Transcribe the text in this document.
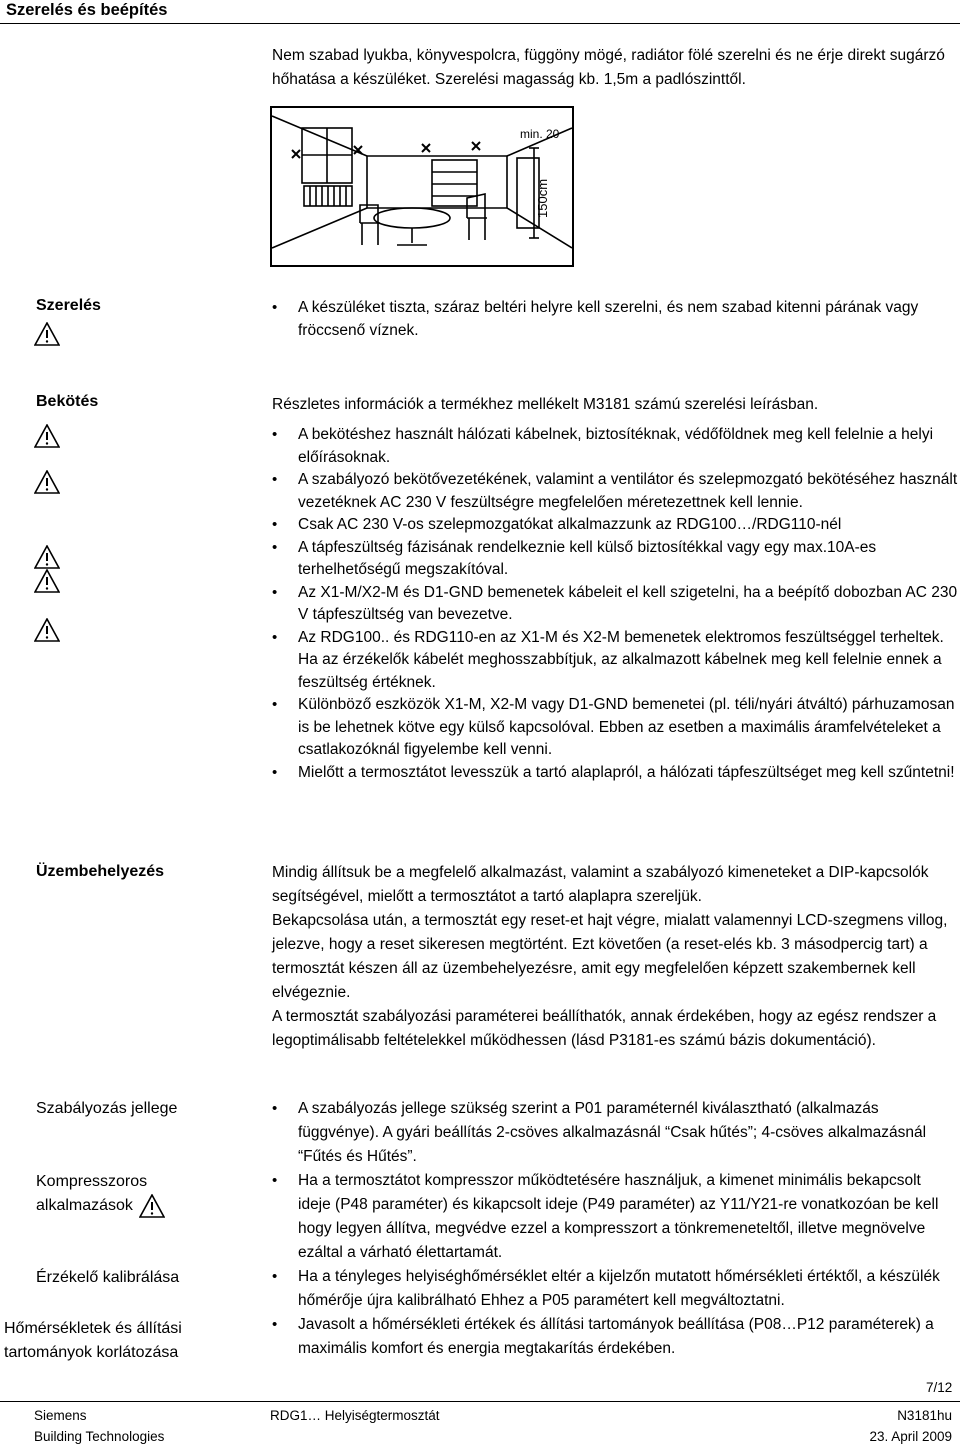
Szerelés és beépítés
Nem szabad lyukba, könyvespolcra, függöny mögé, radiátor fölé szerelni és ne érje direkt sugárzó hőhatása a készüléket. Szerelési magasság kb. 1,5m a padlószinttől.
min. 20
150cm
Szerelés
•	A készüléket tiszta, száraz beltéri helyre kell szerelni, és nem szabad kitenni párának vagy fröccsenő víznek.
Bekötés	Részletes információk a termékhez mellékelt M3181 számú szerelési leírásban.
• A bekötéshez használt hálózati kábelnek, biztosítéknak, védőföldnek meg kell felelnie a helyi előírásoknak.
• A szabályozó bekötővezetékének, valamint a ventilátor és szelepmozgató bekötéséhez használt vezetéknek AC 230 V feszültségre megfelelően méretezettnek kell lennie.
• Csak AC 230 V-os szelepmozgatókat alkalmazzunk az RDG100…/RDG110-nél
• A tápfeszültség fázisának rendelkeznie kell külső biztosítékkal vagy egy max.10A-es terhelhetőségű megszakítóval.
• Az X1-M/X2-M és D1-GND bemenetek kábeleit el kell szigetelni, ha a beépítő dobozban AC 230 V tápfeszültség van bevezetve.
• Az RDG100.. és RDG110-en az X1-M és X2-M bemenetek elektromos feszültséggel terheltek. Ha az érzékelők kábelét meghosszabbítjuk, az alkalmazott kábelnek meg kell felelnie ennek a feszültség értéknek.
• Különböző eszközök X1-M, X2-M vagy D1-GND bemenetei (pl. téli/nyári átváltó) párhuzamosan is be lehetnek kötve egy külső kapcsolóval. Ebben az esetben a maximális áramfelvételeket a csatlakozóknál figyelembe kell venni.
• Mielőtt a termosztátot levesszük a tartó alaplapról, a hálózati tápfeszültséget meg kell szűntetni!
Üzembehelyezés	Mindig állítsuk be a megfelelő alkalmazást, valamint a szabályozó kimeneteket a DIP-kapcsolók segítségével, mielőtt a termosztátot a tartó alaplapra szereljük.
Bekapcsolása után, a termosztát egy reset-et hajt végre, mialatt valamennyi LCD-szegmens villog, jelezve, hogy a reset sikeresen megtörtént. Ezt követően (a reset-elés kb. 3 másodpercig tart) a termosztát készen áll az üzembehelyezésre, amit egy megfelelően képzett szakembernek kell elvégeznie.
A termosztát szabályozási paraméterei beállíthatók, annak érdekében, hogy az egész rendszer a legoptimálisabb feltételekkel működhessen (lásd P3181-es számú bázis dokumentáció).
Szabályozás jellege
Kompresszoros
alkalmazások
Érzékelő kalibrálása
Hőmérsékletek és állítási
tartományok korlátozása
• A szabályozás jellege szükség szerint a P01 paraméternél kiválasztható (alkalmazás függvénye). A gyári beállítás 2-csöves alkalmazásnál “Csak hűtés”; 4-csöves alkalmazásnál “Fűtés és Hűtés”.
• Ha a termosztátot kompresszor működtetésére használjuk, a kimenet minimális bekapcsolt ideje (P48 paraméter) és kikapcsolt ideje (P49 paraméter) az Y11/Y21-re vonatkozóan be kell hogy legyen állítva, megvédve ezzel a kompresszort a tönkremeneteltől, illetve megnövelve ezáltal a várható élettartamát.
• Ha a tényleges helyiséghőmérséklet eltér a kijelzőn mutatott hőmérsékleti értéktől, a készülék hőmérője újra kalibrálható Ehhez a P05 paramétert kell megváltoztatni.
• Javasolt a hőmérsékleti értékek és állítási tartományok beállítása (P08…P12 paraméterek) a maximális komfort és energia megtakarítás érdekében.
7/12
Siemens
Building Technologies
RDG1… Helyiségtermosztát	N3181hu
23. April 2009
